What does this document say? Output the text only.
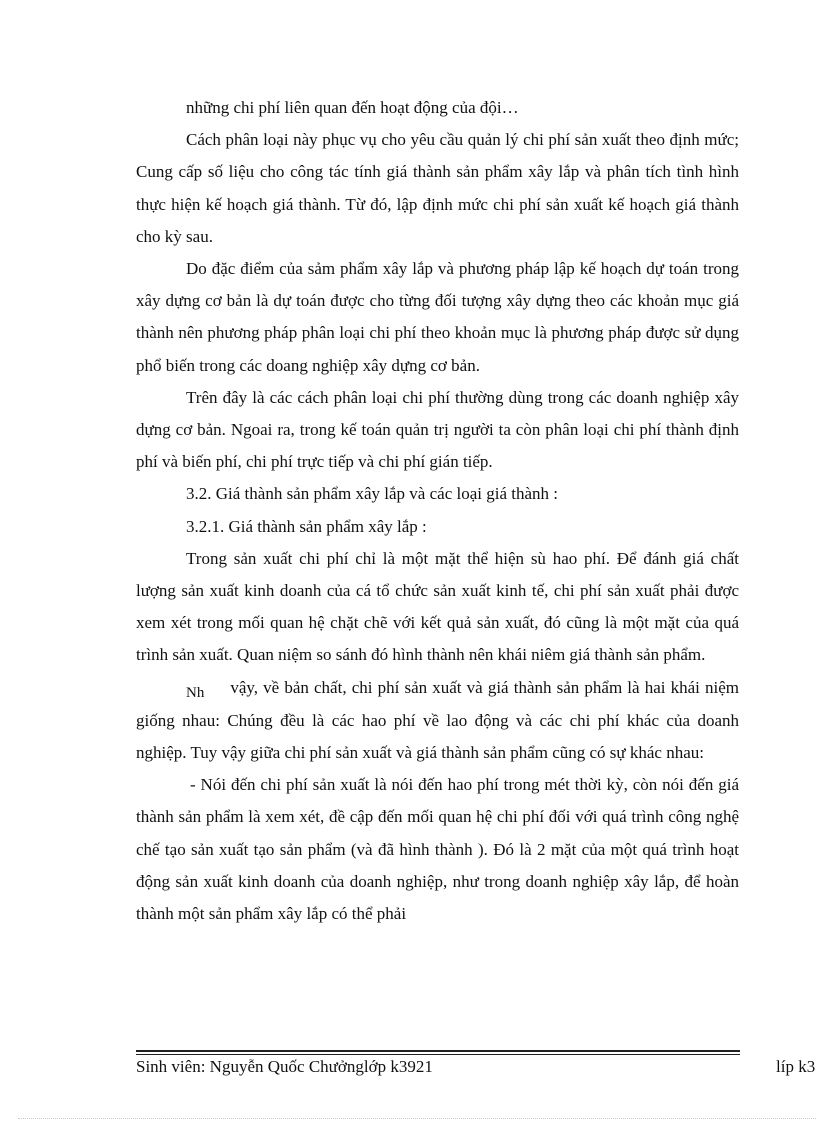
những chi phí liên quan đến hoạt động của đội…

Cách phân loại này phục vụ cho yêu cầu quản lý chi phí sản xuất theo định mức; Cung cấp số liệu cho công tác tính giá thành sản phẩm xây lắp và phân tích tình hình thực hiện kế hoạch giá thành. Từ đó, lập định mức chi phí sản xuất kế hoạch giá thành cho kỳ sau.

Do đặc điểm của sảm phẩm xây lắp và phương pháp lập kế hoạch dự toán trong xây dựng cơ bản là dự toán được cho từng đối tượng xây dựng theo các khoản mục giá thành nên phương pháp phân loại chi phí theo khoản mục là phương pháp được sử dụng phổ biến trong các doang nghiệp xây dựng cơ bản.

Trên đây là các cách phân loại chi phí thường dùng trong các doanh nghiệp xây dựng cơ bản. Ngoai ra, trong kế toán quản trị người ta còn phân loại chi phí thành định phí và biến phí, chi phí trực tiếp và chi phí gián tiếp.

3.2. Giá thành sản phẩm xây lắp và các loại giá thành :

3.2.1. Giá thành sản phẩm xây lắp :

Trong sản xuất chi phí chỉ là một mặt thể hiện sù hao phí. Để đánh giá chất lượng sản xuất kinh doanh của cá tổ chức sản xuất kinh tế, chi phí sản xuất phải được xem xét trong mối quan hệ chặt chẽ với kết quả sản xuất, đó cũng là một mặt của quá trình sản xuất. Quan niệm so sánh đó hình thành nên khái niêm giá thành sản phẩm.

Nh vậy, về bản chất, chi phí sản xuất và giá thành sản phẩm là hai khái niệm giống nhau: Chúng đều là các hao phí về lao động và các chi phí khác của doanh nghiệp. Tuy vậy giữa chi phí sản xuất và giá thành sản phẩm cũng có sự khác nhau:

- Nói đến chi phí sản xuất là nói đến hao phí trong mét thời kỳ, còn nói đến giá thành sản phẩm là xem xét, đề cập đến mối quan hệ chi phí đối với quá trình công nghệ chế tạo sản xuất tạo sản phẩm (và đã hình thành ). Đó là 2 mặt của một quá trình hoạt động sản xuất kinh doanh của doanh nghiệp, như trong doanh nghiệp xây lắp, để hoàn thành một sản phẩm xây lắp có thể phải

Sinh viên: Nguyễn Quốc Chưởnglớp k3921	líp k3
